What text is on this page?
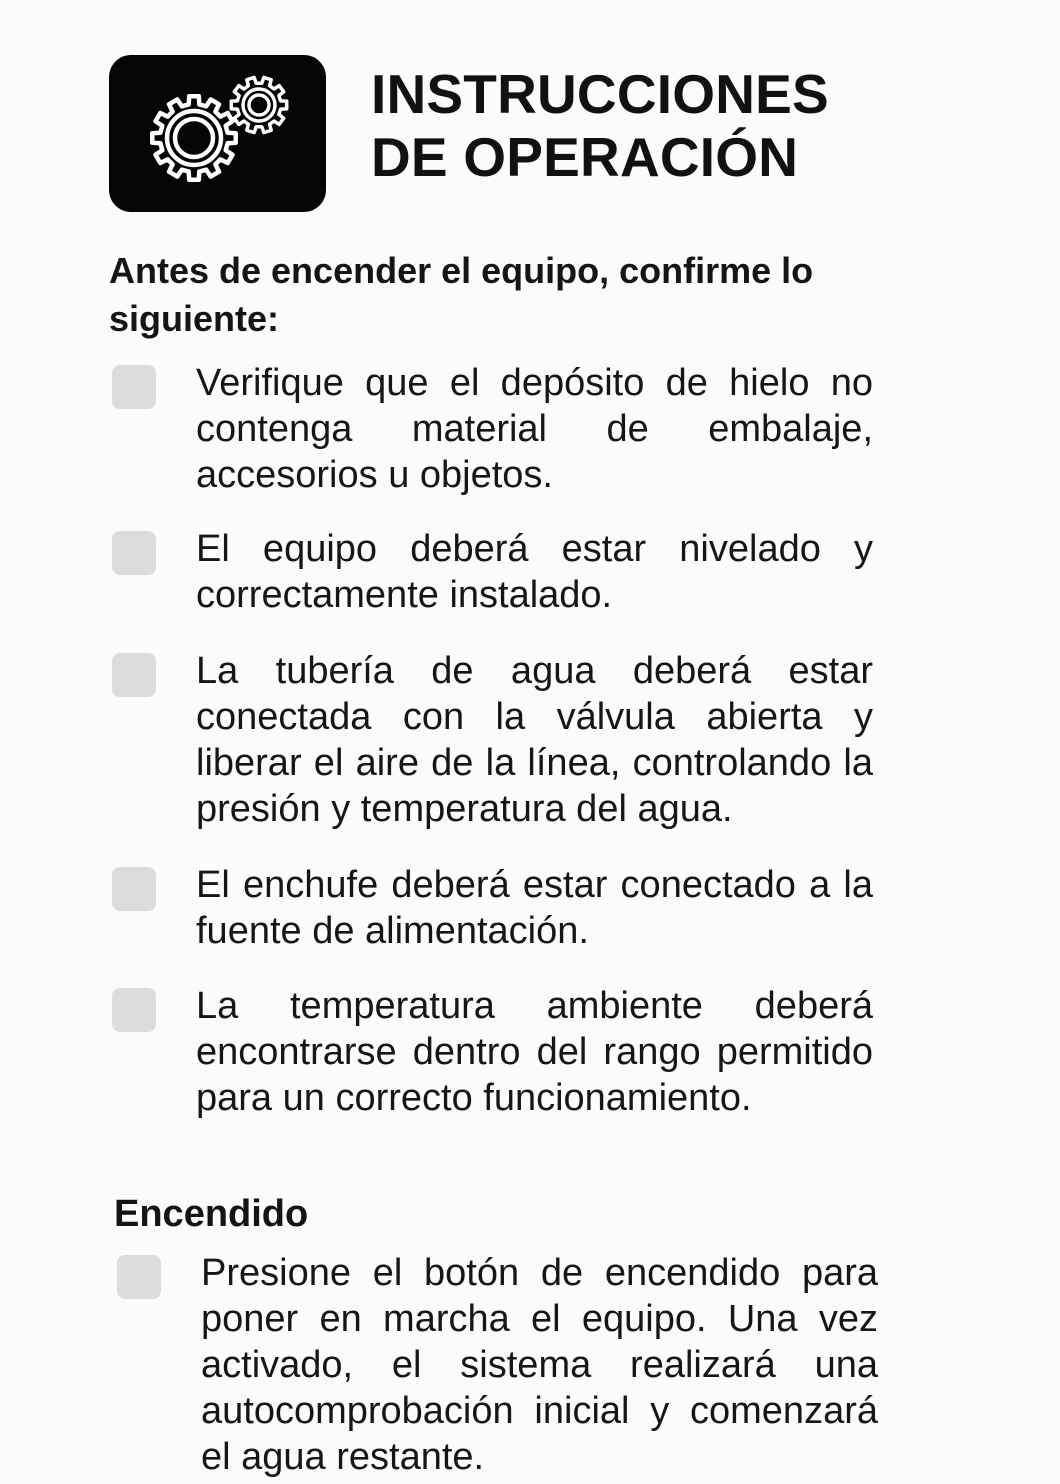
INSTRUCCIONES
DE OPERACIÓN
Antes de encender el equipo, confirme lo siguiente:
Verifique que el depósito de hielo no contenga material de embalaje, accesorios u objetos.
El equipo deberá estar nivelado y correctamente instalado.
La tubería de agua deberá estar conectada con la válvula abierta y liberar el aire de la línea, controlando la presión y temperatura del agua.
El enchufe deberá estar conectado a la fuente de alimentación.
La temperatura ambiente deberá encontrarse dentro del rango permitido para un correcto funcionamiento.
Encendido
Presione el botón de encendido para poner en marcha el equipo. Una vez activado, el sistema realizará una autocomprobación inicial y comenzará el agua restante.
